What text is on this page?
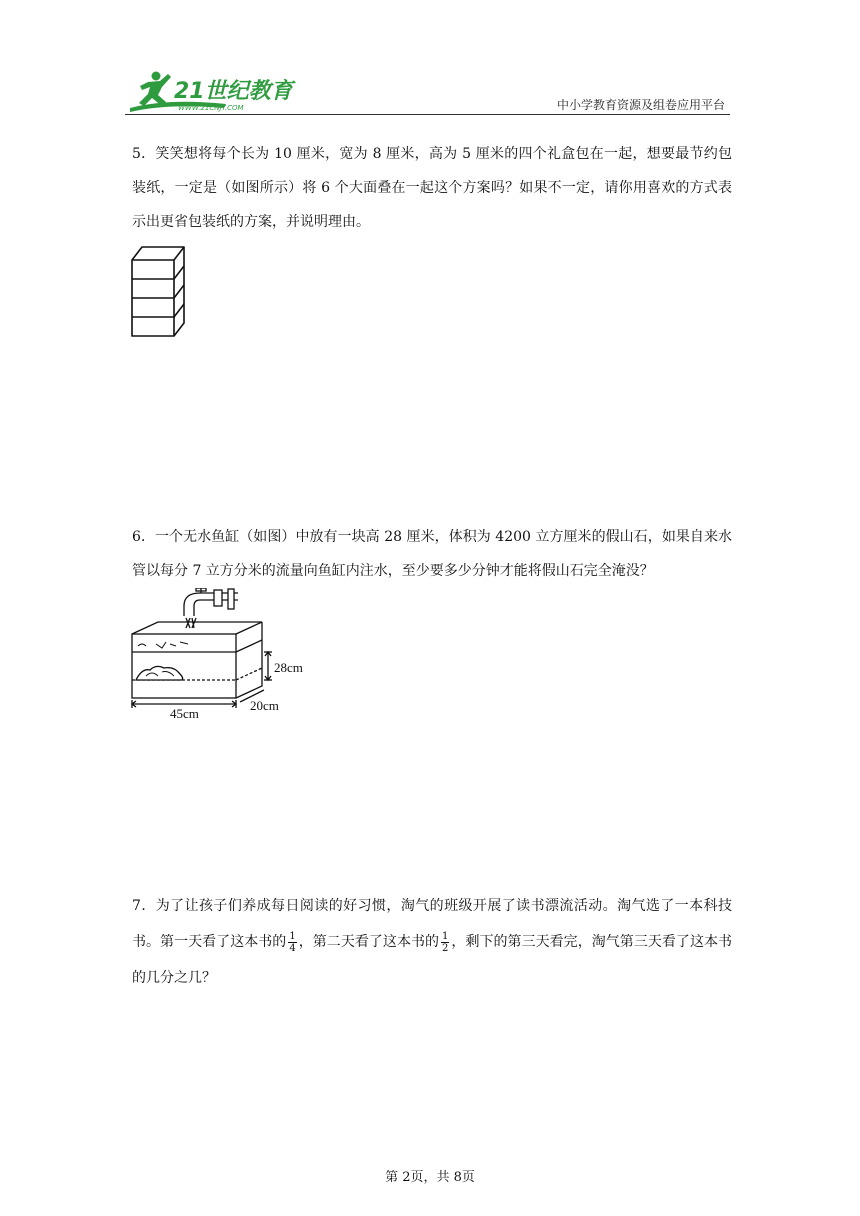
21世纪教育
WWW.21CNJY.COM	中小学教育资源及组卷应用平台
5．笑笑想将每个长为 10 厘米，宽为 8 厘米，高为 5 厘米的四个礼盒包在一起，想要最节约包装纸，一定是（如图所示）将 6 个大面叠在一起这个方案吗？如果不一定，请你用喜欢的方式表示出更省包装纸的方案，并说明理由。
6．一个无水鱼缸（如图）中放有一块高 28 厘米，体积为 4200 立方厘米的假山石，如果自来水管以每分 7 立方分米的流量向鱼缸内注水，至少要多少分钟才能将假山石完全淹没？
28cm
45cm
20cm
7．为了让孩子们养成每日阅读的好习惯，淘气的班级开展了读书漂流活动。淘气选了一本科技书。第一天看了这本书的 $\frac{1}{4}$ ，第二天看了这本书的 $\frac{1}{2}$ ，剩下的第三天看完，淘气第三天看了这本书的几分之几？
第 2页，共 8页
